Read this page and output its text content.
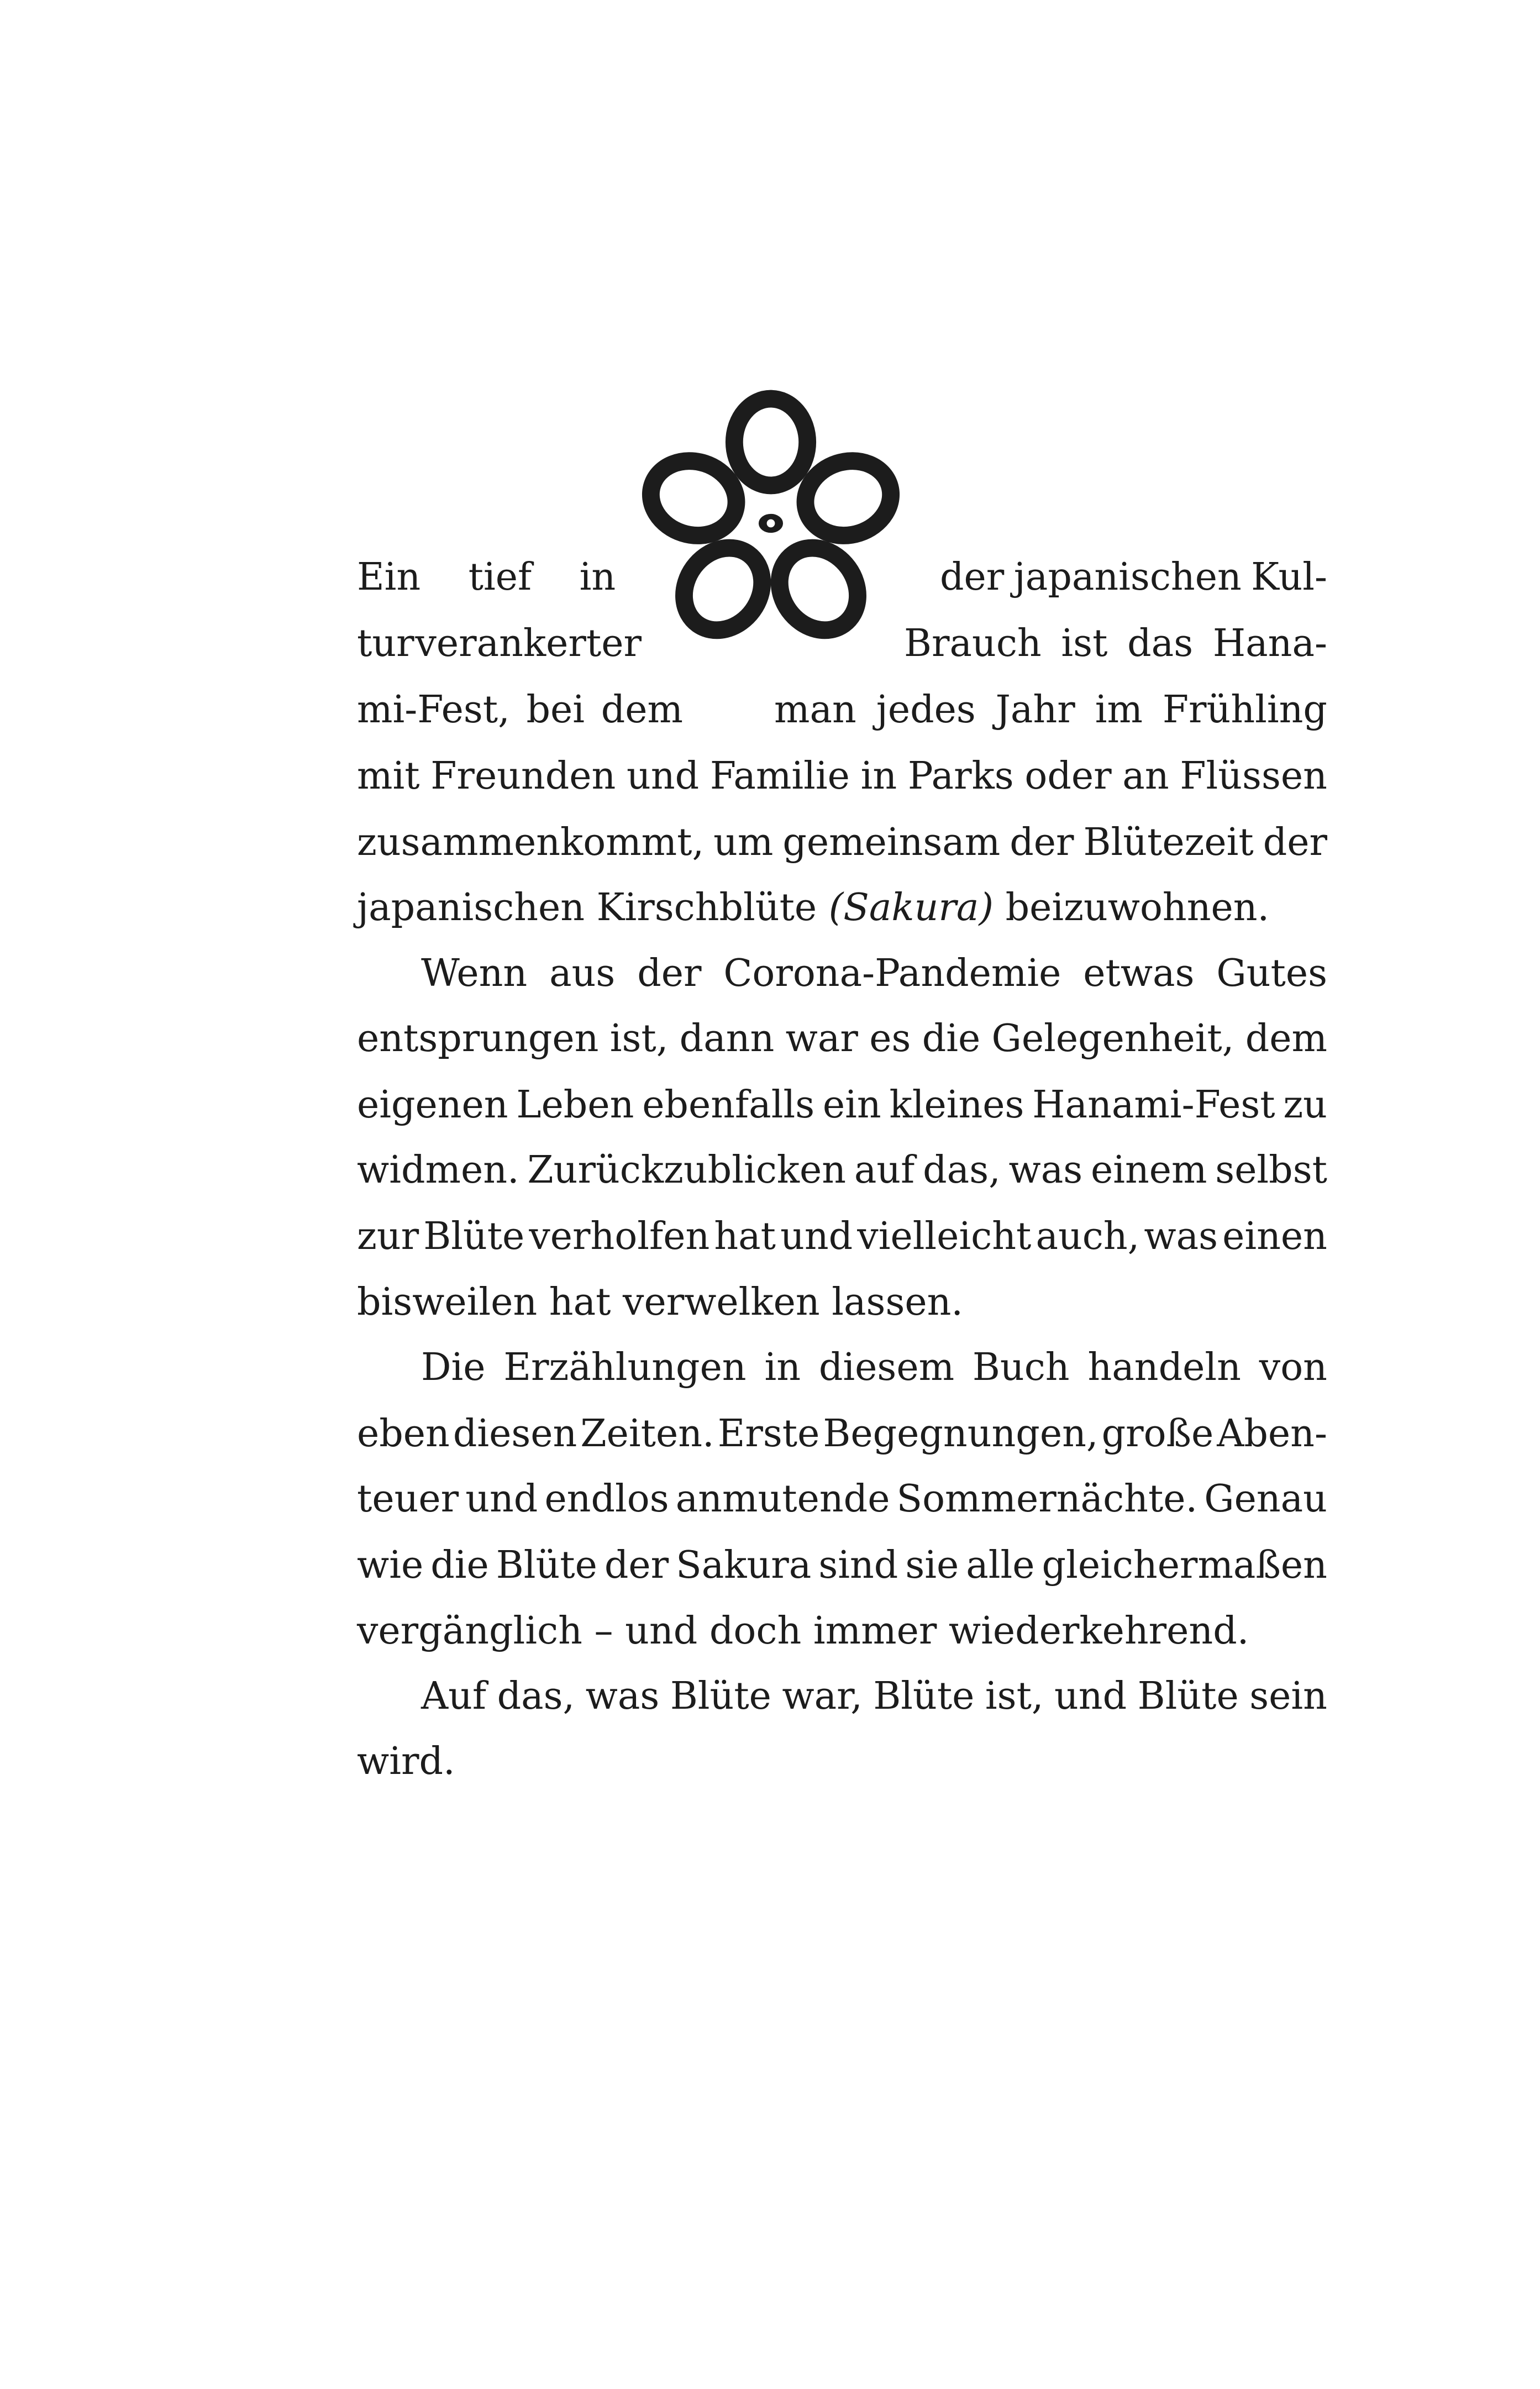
Ein tief in	der japanischen Kul-
tur verankerter	Brauch ist das Hana-
mi-Fest, bei dem man jedes Jahr im Frühling
mit Freunden und Familie in Parks oder an Flüssen
zusammenkommt, um gemeinsam der Blütezeit der
japanischen Kirschblüte (Sakura) beizuwohnen.
Wenn aus der Corona-Pandemie etwas Gutes
entsprungen ist, dann war es die Gelegenheit, dem
eigenen Leben ebenfalls ein kleines Hanami-Fest zu
widmen. Zurückzublicken auf das, was einem selbst
zur Blüte verholfen hat und vielleicht auch, was einen
bisweilen hat verwelken lassen.
Die Erzählungen in diesem Buch handeln von
eben diesen Zeiten. Erste Begegnungen, große Aben-
teuer und endlos anmutende Sommernächte. Genau
wie die Blüte der Sakura sind sie alle gleichermaßen
vergänglich – und doch immer wiederkehrend.
Auf das, was Blüte war, Blüte ist, und Blüte sein
wird.
